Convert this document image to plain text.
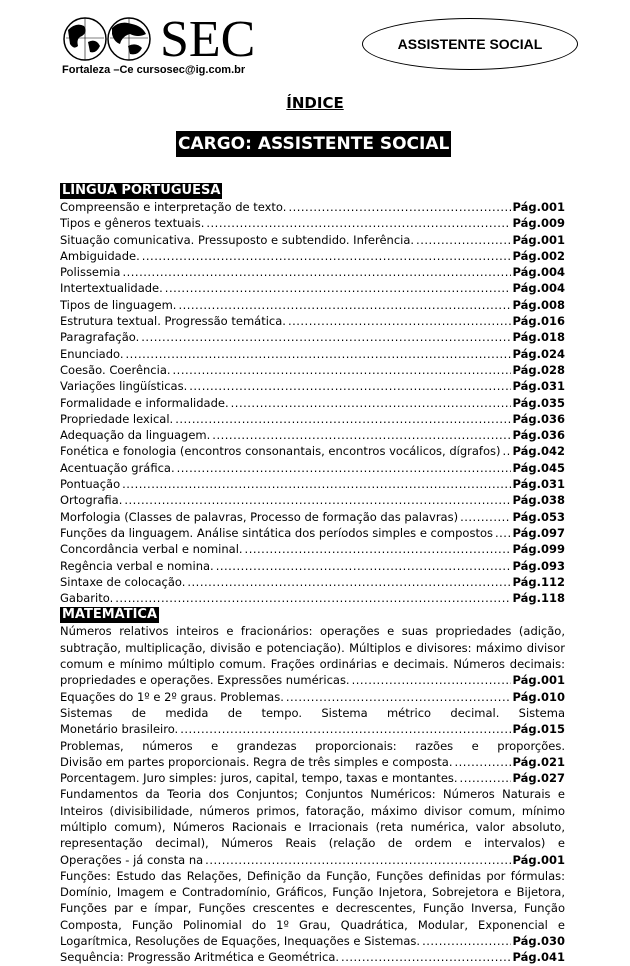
SEC
Fortaleza –Ce cursosec@ig.com.br
ASSISTENTE SOCIAL
ÍNDICE
CARGO: ASSISTENTE SOCIAL
LÍNGUA PORTUGUESA
Compreensão e interpretação de texto. .....	Pág.001
Tipos e gêneros textuais. .....	Pág.009
Situação comunicativa. Pressuposto e subtendido. Inferência. .....	Pág.001
Ambiguidade. .....	Pág.002
Polissemia .....	Pág.004
Intertextualidade. .....	Pág.004
Tipos de linguagem. .....	Pág.008
Estrutura textual. Progressão temática. .....	Pág.016
Paragrafação. .....	Pág.018
Enunciado. .....	Pág.024
Coesão. Coerência. .....	Pág.028
Variações lingüísticas. .....	Pág.031
Formalidade e informalidade. .....	Pág.035
Propriedade lexical. .....	Pág.036
Adequação da linguagem. .....	Pág.036
Fonética e fonologia (encontros consonantais, encontros vocálicos, dígrafos) ..... Pág.042
Acentuação gráfica. .....	Pág.045
Pontuação .....	Pág.031
Ortografia. .....	Pág.038
Morfologia (Classes de palavras, Processo de formação das palavras) .....	Pág.053
Funções da linguagem. Análise sintática dos períodos simples e compostos ..... Pág.097
Concordância verbal e nominal. .....	Pág.099
Regência verbal e nomina. .....	Pág.093
Sintaxe de colocação. .....	Pág.112
Gabarito. .....	Pág.118
MATEMÁTICA
Números relativos inteiros e fracionários: operações e suas propriedades (adição,
subtração, multiplicação, divisão e potenciação). Múltiplos e divisores: máximo divisor
comum e mínimo múltiplo comum. Frações ordinárias e decimais. Números decimais:
propriedades e operações. Expressões numéricas. .....	Pág.001
Equações do 1º e 2º graus. Problemas. .....	Pág.010
Sistemas de medida de tempo. Sistema métrico decimal. Sistema
Monetário brasileiro. .....	Pág.015
Problemas, números e grandezas proporcionais: razões e proporções.
Divisão em partes proporcionais. Regra de três simples e composta. .....	Pág.021
Porcentagem. Juro simples: juros, capital, tempo, taxas e montantes. .....	Pág.027
Fundamentos da Teoria dos Conjuntos; Conjuntos Numéricos: Números Naturais e
Inteiros (divisibilidade, números primos, fatoração, máximo divisor comum, mínimo
múltiplo comum), Números Racionais e Irracionais (reta numérica, valor absoluto,
representação decimal), Números Reais (relação de ordem e intervalos) e
Operações - já consta na .....	Pág.001
Funções: Estudo das Relações, Definição da Função, Funções definidas por fórmulas:
Domínio, Imagem e Contradomínio, Gráficos, Função Injetora, Sobrejetora e Bijetora,
Funções par e ímpar, Funções crescentes e decrescentes, Função Inversa, Função
Composta, Função Polinomial do 1º Grau, Quadrática, Modular, Exponencial e
Logarítmica, Resoluções de Equações, Inequações e Sistemas. .....	Pág.030
Sequência: Progressão Aritmética e Geométrica. .....	Pág.041
